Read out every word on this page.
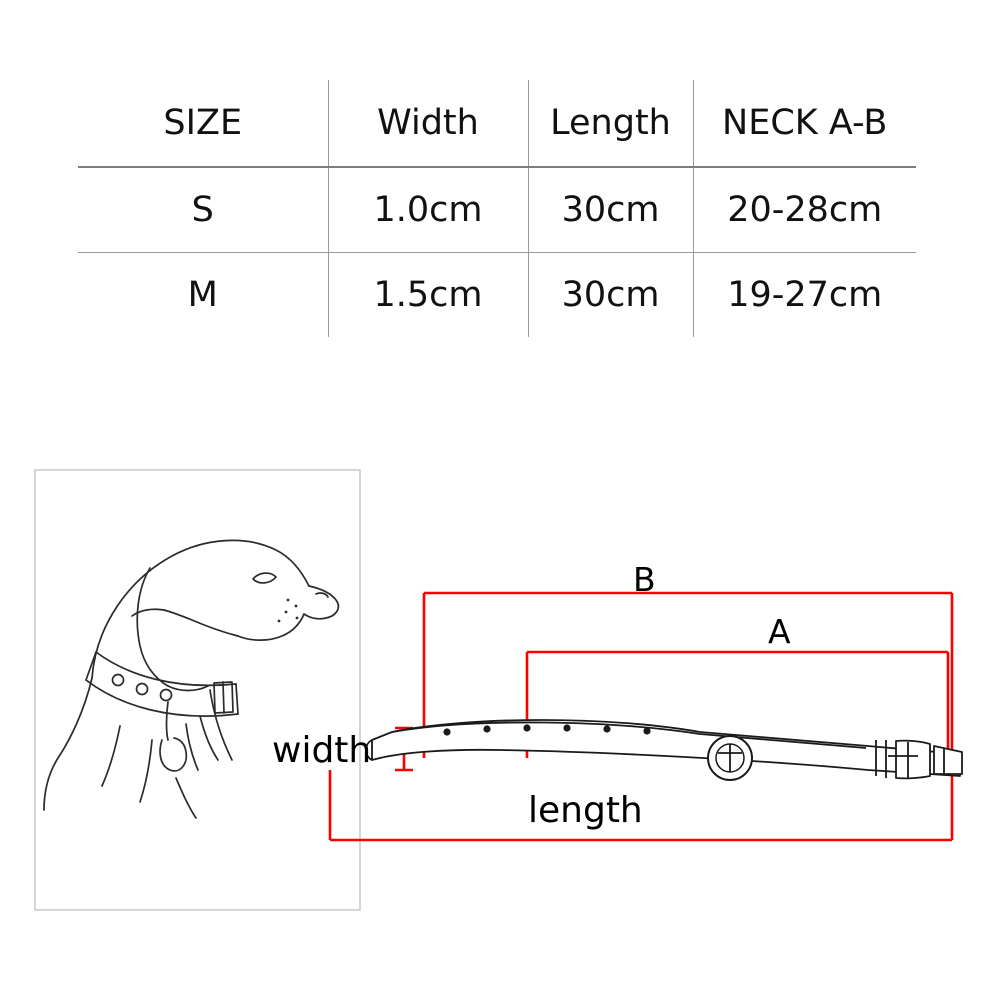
SIZE	Width	Length	NECK A-B
S	1.0cm	30cm	20-28cm
M	1.5cm	30cm	19-27cm
B
A
width
length
